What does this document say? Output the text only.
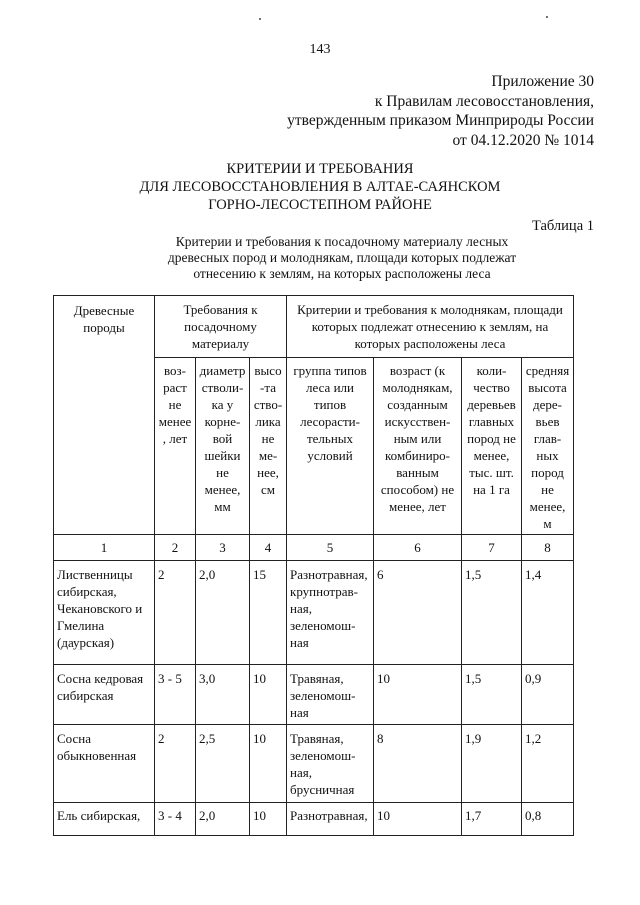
143
Приложение 30
к Правилам лесовосстановления,
утвержденным приказом Минприроды России
от 04.12.2020 № 1014
КРИТЕРИИ И ТРЕБОВАНИЯ
ДЛЯ ЛЕСОВОССТАНОВЛЕНИЯ В АЛТАЕ-САЯНСКОМ
ГОРНО-ЛЕСОСТЕПНОМ РАЙОНЕ
Таблица 1
Критерии и требования к посадочному материалу лесных
древесных пород и молоднякам, площади которых подлежат
отнесению к землям, на которых расположены леса
Древесные породы	Требования к посадочному материалу			Критерии и требования к молоднякам, площади которых подлежат отнесению к землям, на которых расположены леса			
	воз-раст не менее, лет	диаметр стволи-ка у корне-вой шейки не менее, мм	высо-та ство-лика не ме-нее, см	группа типов леса или типов лесорасти-тельных условий	возраст (к молоднякам, созданным искусствен-ным или комбиниро-ванным способом) не менее, лет	коли-чество деревьев главных пород не менее, тыс. шт. на 1 га	средняя высота дере-вьев глав-ных пород не менее, м
1	2	3	4	5	6	7	8
Лиственницы сибирская, Чекановского и Гмелина (даурская)	2	2,0	15	Разнотравная, крупнотрав-ная, зеленомош-ная	6	1,5	1,4
Сосна кедровая сибирская	3 - 5	3,0	10	Травяная, зеленомош-ная	10	1,5	0,9
Сосна обыкновенная	2	2,5	10	Травяная, зеленомош-ная, брусничная	8	1,9	1,2
Ель сибирская,	3 - 4	2,0	10	Разнотравная,	10	1,7	0,8
